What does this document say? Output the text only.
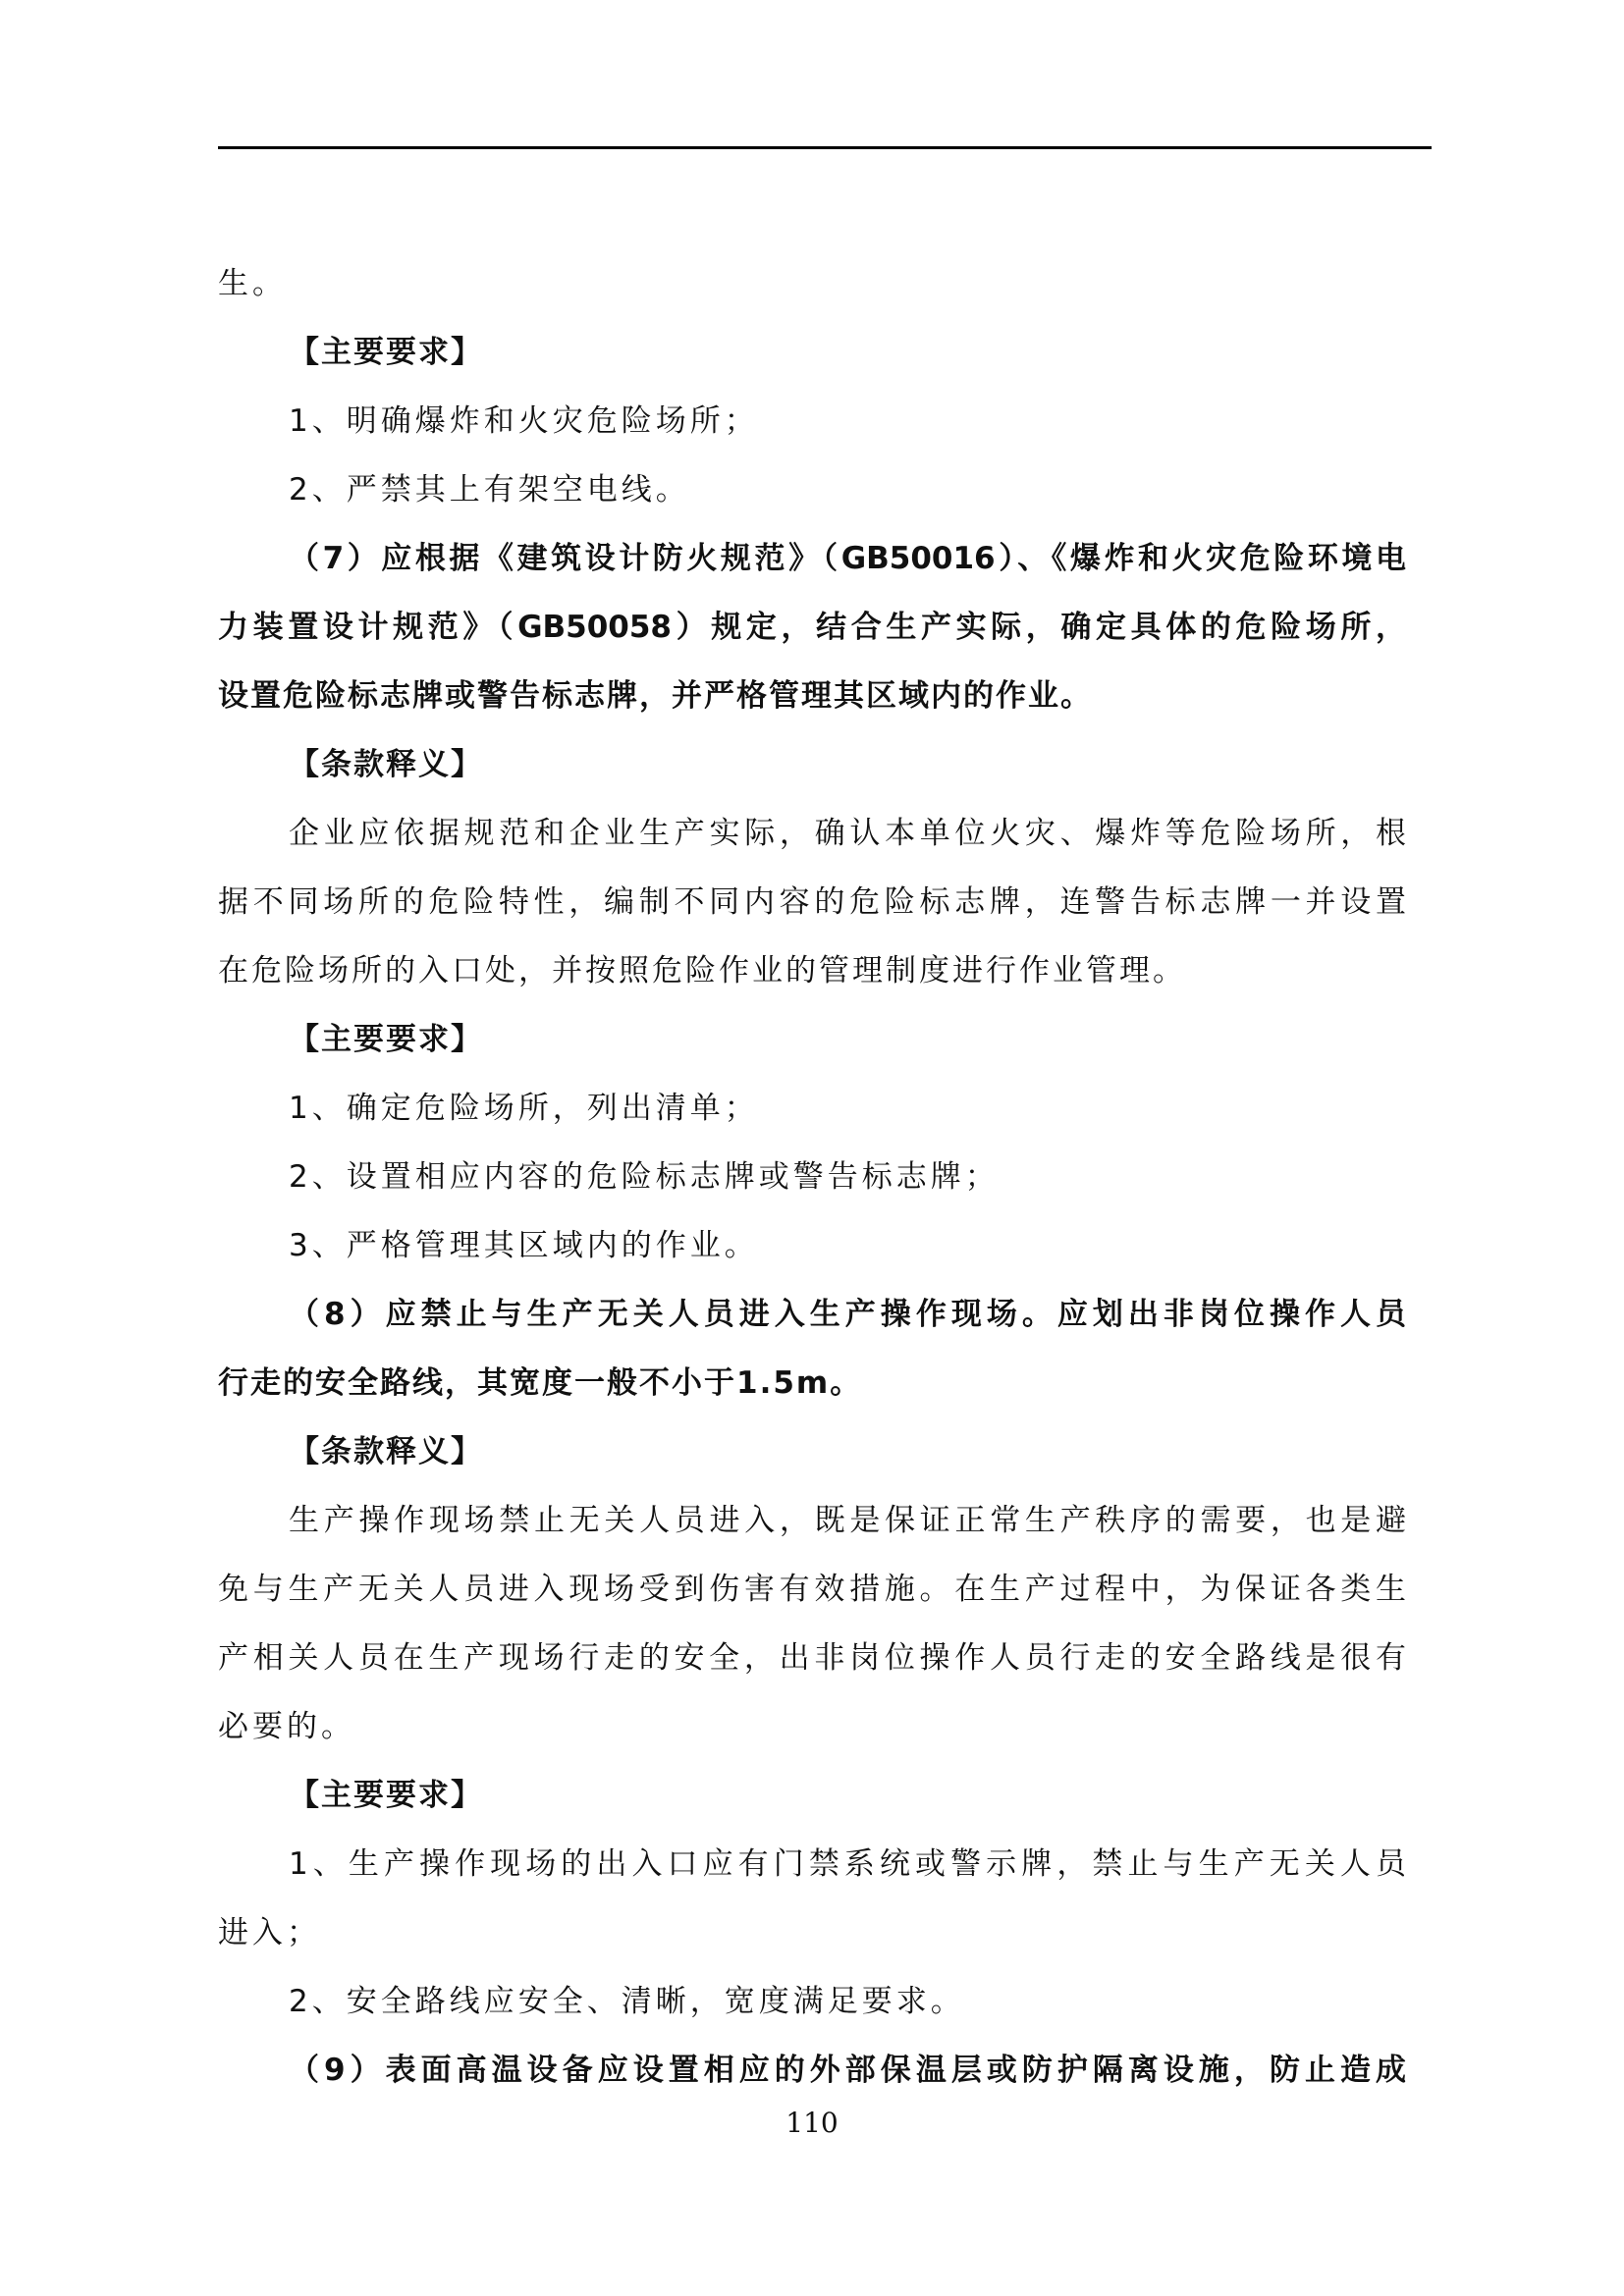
生。
【主要要求】
1、明确爆炸和火灾危险场所；
2、严禁其上有架空电线。
（7）应根据《建筑设计防火规范》（GB50016）、《爆炸和火灾危险环境电
力装置设计规范》（GB50058）规定，结合生产实际，确定具体的危险场所，
设置危险标志牌或警告标志牌，并严格管理其区域内的作业。
【条款释义】
企业应依据规范和企业生产实际，确认本单位火灾、爆炸等危险场所，根
据不同场所的危险特性，编制不同内容的危险标志牌，连警告标志牌一并设置
在危险场所的入口处，并按照危险作业的管理制度进行作业管理。
【主要要求】
1、确定危险场所，列出清单；
2、设置相应内容的危险标志牌或警告标志牌；
3、严格管理其区域内的作业。
（8）应禁止与生产无关人员进入生产操作现场。应划出非岗位操作人员
行走的安全路线，其宽度一般不小于1.5m。
【条款释义】
生产操作现场禁止无关人员进入，既是保证正常生产秩序的需要，也是避
免与生产无关人员进入现场受到伤害有效措施。在生产过程中，为保证各类生
产相关人员在生产现场行走的安全，出非岗位操作人员行走的安全路线是很有
必要的。
【主要要求】
1、生产操作现场的出入口应有门禁系统或警示牌，禁止与生产无关人员
进入；
2、安全路线应安全、清晰，宽度满足要求。
（9）表面高温设备应设置相应的外部保温层或防护隔离设施，防止造成
110
